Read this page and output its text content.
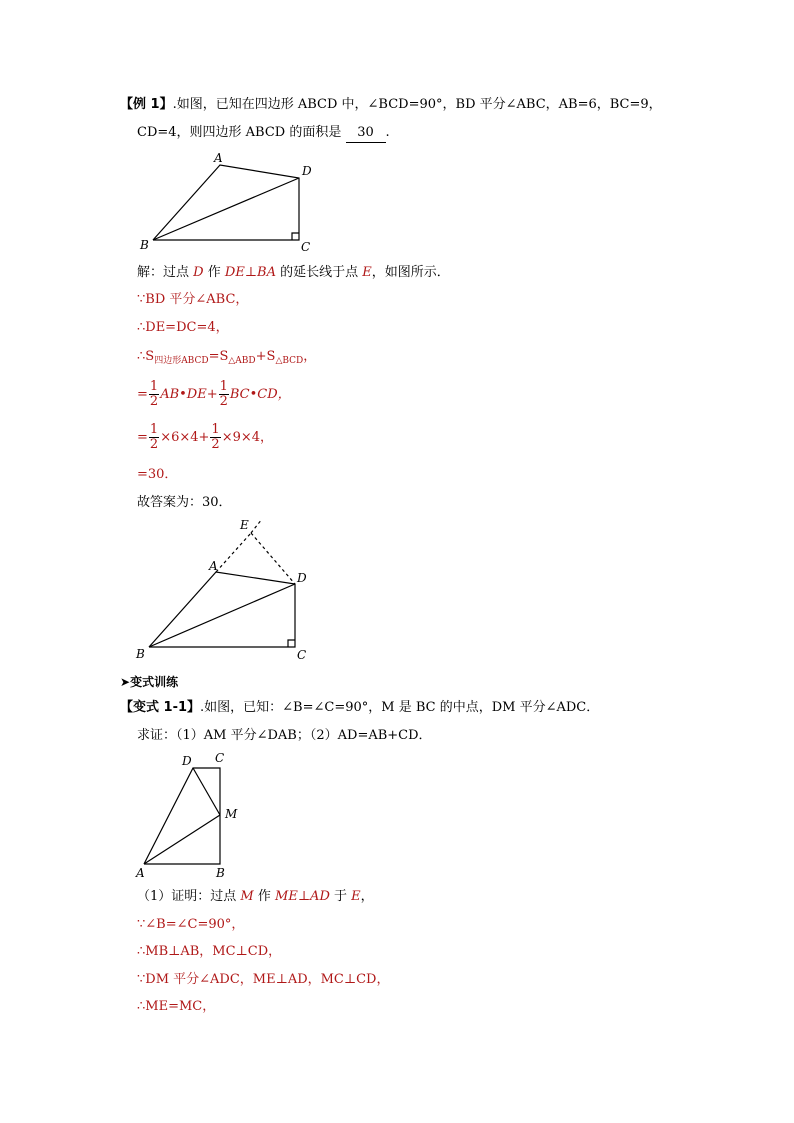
【例 1】.如图，已知在四边形 ABCD 中，∠BCD=90°，BD 平分∠ABC，AB=6，BC=9，
CD=4，则四边形 ABCD 的面积是 30 .
A
B	C
D
解：过点 D 作 DE⊥BA 的延长线于点 E，如图所示．
∵BD 平分∠ABC，
∴DE=DC=4，
$\therefore S_{四边形ABCD}=S_{\triangle ABD}+S_{\triangle BCD}$，
= $\frac{1}{2}$ AB•DE+ $\frac{1}{2}$ BC•CD，
= $\frac{1}{2} \times 6\times 4+ \frac{1}{2} \times 9\times 4$，
=30．
故答案为：30．
E
A
B	C
D
➤变式训练
【变式 1-1】.如图，已知：∠B=∠C=90°，M 是 BC 的中点，DM 平分∠ADC．
求证：（1）AM 平分∠DAB；（2）AD=AB+CD．
D C
M
A	B
（1）证明：过点 M 作 ME⊥AD 于 E，
∵∠B=∠C=90°，
∴MB⊥AB，MC⊥CD，
∵DM 平分∠ADC，ME⊥AD，MC⊥CD，
∴ME=MC，
